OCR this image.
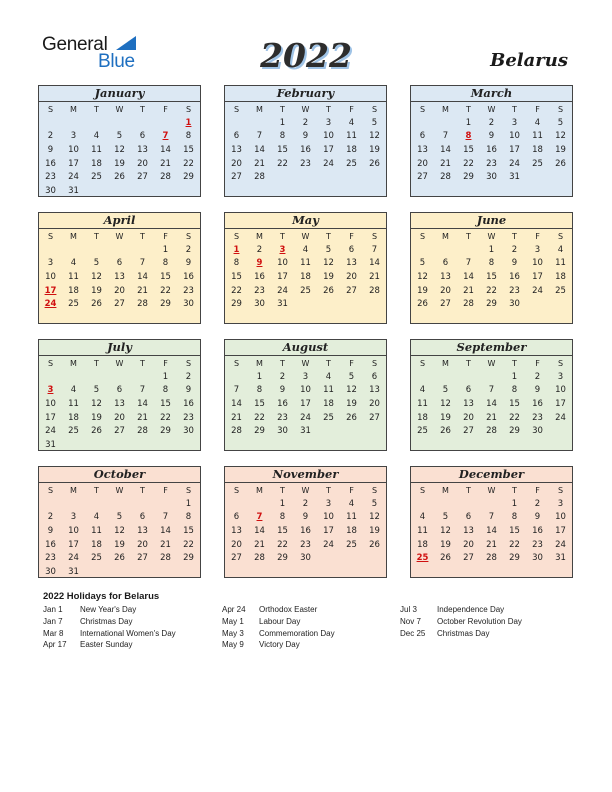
General
Blue	2022	Belarus
January
S	M	T	W	T	F	S
						1
2	3	4	5	6	7	8
9	10	11	12	13	14	15
16	17	18	19	20	21	22
23	24	25	26	27	28	29
30	31					
February
S	M	T	W	T	F	S
		1	2	3	4	5
6	7	8	9	10	11	12
13	14	15	16	17	18	19
20	21	22	23	24	25	26
27	28					
March
S	M	T	W	T	F	S
		1	2	3	4	5
6	7	8	9	10	11	12
13	14	15	16	17	18	19
20	21	22	23	24	25	26
27	28	29	30	31		
April
S	M	T	W	T	F	S
					1	2
3	4	5	6	7	8	9
10	11	12	13	14	15	16
17	18	19	20	21	22	23
24	25	26	27	28	29	30
May
S	M	T	W	T	F	S
1	2	3	4	5	6	7
8	9	10	11	12	13	14
15	16	17	18	19	20	21
22	23	24	25	26	27	28
29	30	31				
June
S	M	T	W	T	F	S
			1	2	3	4
5	6	7	8	9	10	11
12	13	14	15	16	17	18
19	20	21	22	23	24	25
26	27	28	29	30		
July
S	M	T	W	T	F	S
					1	2
3	4	5	6	7	8	9
10	11	12	13	14	15	16
17	18	19	20	21	22	23
24	25	26	27	28	29	30
31						
August
S	M	T	W	T	F	S
	1	2	3	4	5	6
7	8	9	10	11	12	13
14	15	16	17	18	19	20
21	22	23	24	25	26	27
28	29	30	31			
September
S	M	T	W	T	F	S
				1	2	3
4	5	6	7	8	9	10
11	12	13	14	15	16	17
18	19	20	21	22	23	24
25	26	27	28	29	30	
October
S	M	T	W	T	F	S
						1
2	3	4	5	6	7	8
9	10	11	12	13	14	15
16	17	18	19	20	21	22
23	24	25	26	27	28	29
30	31					
November
S	M	T	W	T	F	S
		1	2	3	4	5
6	7	8	9	10	11	12
13	14	15	16	17	18	19
20	21	22	23	24	25	26
27	28	29	30			
December
S	M	T	W	T	F	S
				1	2	3
4	5	6	7	8	9	10
11	12	13	14	15	16	17
18	19	20	21	22	23	24
25	26	27	28	29	30	31
2022 Holidays for Belarus
Jan 1 New Year's Day
Jan 7 Christmas Day
Mar 8 International Women's Day
Apr 17 Easter Sunday
Apr 24 Orthodox Easter
May 1 Labour Day
May 3 Commemoration Day
May 9 Victory Day
Jul 3	Independence Day
Nov 7 October Revolution Day
Dec 25 Christmas Day
